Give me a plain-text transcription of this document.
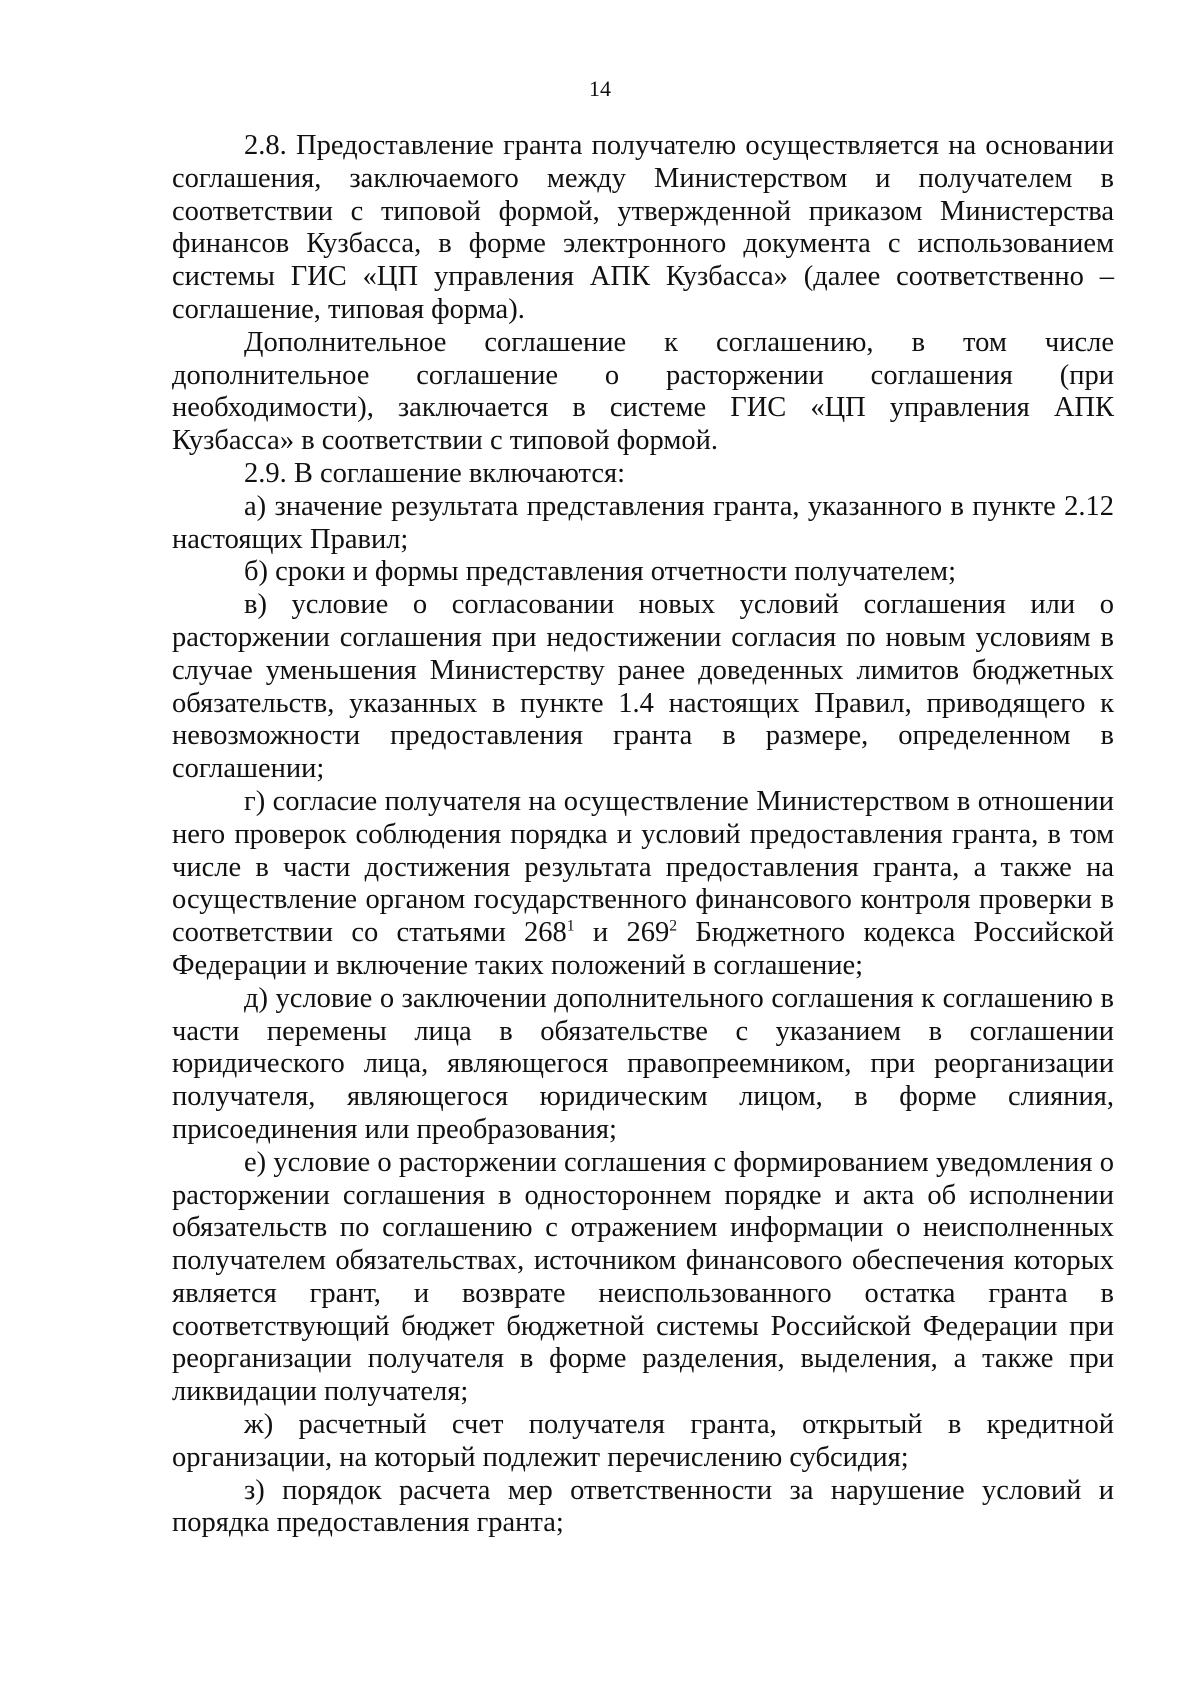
14

2.8. Предоставление гранта получателю осуществляется на основании соглашения, заключаемого между Министерством и получателем в соответствии с типовой формой, утвержденной приказом Министерства финансов Кузбасса, в форме электронного документа с использованием системы ГИС «ЦП управления АПК Кузбасса» (далее соответственно – соглашение, типовая форма).

Дополнительное соглашение к соглашению, в том числе дополнительное соглашение о расторжении соглашения (при необходимости), заключается в системе ГИС «ЦП управления АПК Кузбасса» в соответствии с типовой формой.

2.9. В соглашение включаются:

а) значение результата представления гранта, указанного в пункте 2.12 настоящих Правил;

б) сроки и формы представления отчетности получателем;

в) условие о согласовании новых условий соглашения или о расторжении соглашения при недостижении согласия по новым условиям в случае уменьшения Министерству ранее доведенных лимитов бюджетных обязательств, указанных в пункте 1.4 настоящих Правил, приводящего к невозможности предоставления гранта в размере, определенном в соглашении;

г) согласие получателя на осуществление Министерством в отношении него проверок соблюдения порядка и условий предоставления гранта, в том числе в части достижения результата предоставления гранта, а также на осуществление органом государственного финансового контроля проверки в соответствии со статьями $268^1$ и $269^2$ Бюджетного кодекса Российской Федерации и включение таких положений в соглашение;

д) условие о заключении дополнительного соглашения к соглашению в части перемены лица в обязательстве с указанием в соглашении юридического лица, являющегося правопреемником, при реорганизации получателя, являющегося юридическим лицом, в форме слияния, присоединения или преобразования;

е) условие о расторжении соглашения с формированием уведомления о расторжении соглашения в одностороннем порядке и акта об исполнении обязательств по соглашению с отражением информации о неисполненных получателем обязательствах, источником финансового обеспечения которых является грант, и возврате неиспользованного остатка гранта в соответствующий бюджет бюджетной системы Российской Федерации при реорганизации получателя в форме разделения, выделения, а также при ликвидации получателя;

ж) расчетный счет получателя гранта, открытый в кредитной организации, на который подлежит перечислению субсидия;

з) порядок расчета мер ответственности за нарушение условий и порядка предоставления гранта;
